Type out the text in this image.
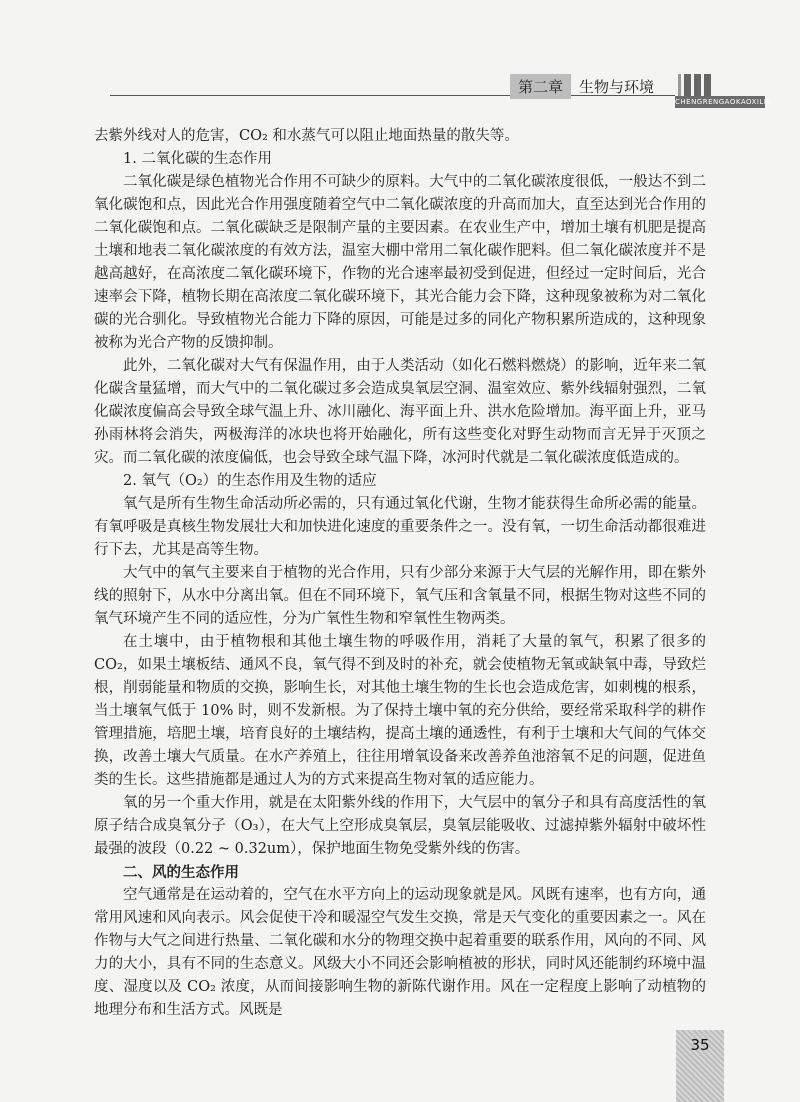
第二章	生物与环境
CHENGRENGAOKAOXILIE

去紫外线对人的危害，CO₂ 和水蒸气可以阻止地面热量的散失等。

1. 二氧化碳的生态作用

二氧化碳是绿色植物光合作用不可缺少的原料。大气中的二氧化碳浓度很低，一般达不到二氧化碳饱和点，因此光合作用强度随着空气中二氧化碳浓度的升高而加大，直至达到光合作用的二氧化碳饱和点。二氧化碳缺乏是限制产量的主要因素。在农业生产中，增加土壤有机肥是提高土壤和地表二氧化碳浓度的有效方法，温室大棚中常用二氧化碳作肥料。但二氧化碳浓度并不是越高越好，在高浓度二氧化碳环境下，作物的光合速率最初受到促进，但经过一定时间后，光合速率会下降，植物长期在高浓度二氧化碳环境下，其光合能力会下降，这种现象被称为对二氧化碳的光合驯化。导致植物光合能力下降的原因，可能是过多的同化产物积累所造成的，这种现象被称为光合产物的反馈抑制。

此外，二氧化碳对大气有保温作用，由于人类活动（如化石燃料燃烧）的影响，近年来二氧化碳含量猛增，而大气中的二氧化碳过多会造成臭氧层空洞、温室效应、紫外线辐射强烈，二氧化碳浓度偏高会导致全球气温上升、冰川融化、海平面上升、洪水危险增加。海平面上升，亚马孙雨林将会消失，两极海洋的冰块也将开始融化，所有这些变化对野生动物而言无异于灭顶之灾。而二氧化碳的浓度偏低，也会导致全球气温下降，冰河时代就是二氧化碳浓度低造成的。

2. 氧气（O₂）的生态作用及生物的适应

氧气是所有生物生命活动所必需的，只有通过氧化代谢，生物才能获得生命所必需的能量。有氧呼吸是真核生物发展壮大和加快进化速度的重要条件之一。没有氧，一切生命活动都很难进行下去，尤其是高等生物。

大气中的氧气主要来自于植物的光合作用，只有少部分来源于大气层的光解作用，即在紫外线的照射下，从水中分离出氧。但在不同环境下，氧气压和含氧量不同，根据生物对这些不同的氧气环境产生不同的适应性，分为广氧性生物和窄氧性生物两类。

在土壤中，由于植物根和其他土壤生物的呼吸作用，消耗了大量的氧气，积累了很多的 CO₂，如果土壤板结、通风不良，氧气得不到及时的补充，就会使植物无氧或缺氧中毒，导致烂根，削弱能量和物质的交换，影响生长，对其他土壤生物的生长也会造成危害，如刺槐的根系，当土壤氧气低于 10% 时，则不发新根。为了保持土壤中氧的充分供给，要经常采取科学的耕作管理措施，培肥土壤，培育良好的土壤结构，提高土壤的通透性，有利于土壤和大气间的气体交换，改善土壤大气质量。在水产养殖上，往往用增氧设备来改善养鱼池溶氧不足的问题，促进鱼类的生长。这些措施都是通过人为的方式来提高生物对氧的适应能力。

氧的另一个重大作用，就是在太阳紫外线的作用下，大气层中的氧分子和具有高度活性的氧原子结合成臭氧分子（O₃），在大气上空形成臭氧层，臭氧层能吸收、过滤掉紫外辐射中破坏性最强的波段（0.22 ~ 0.32um），保护地面生物免受紫外线的伤害。

二、风的生态作用

空气通常是在运动着的，空气在水平方向上的运动现象就是风。风既有速率，也有方向，通常用风速和风向表示。风会促使干冷和暖湿空气发生交换，常是天气变化的重要因素之一。风在作物与大气之间进行热量、二氧化碳和水分的物理交换中起着重要的联系作用，风向的不同、风力的大小，具有不同的生态意义。风级大小不同还会影响植被的形状，同时风还能制约环境中温度、湿度以及 CO₂ 浓度，从而间接影响生物的新陈代谢作用。风在一定程度上影响了动植物的地理分布和生活方式。风既是

35
